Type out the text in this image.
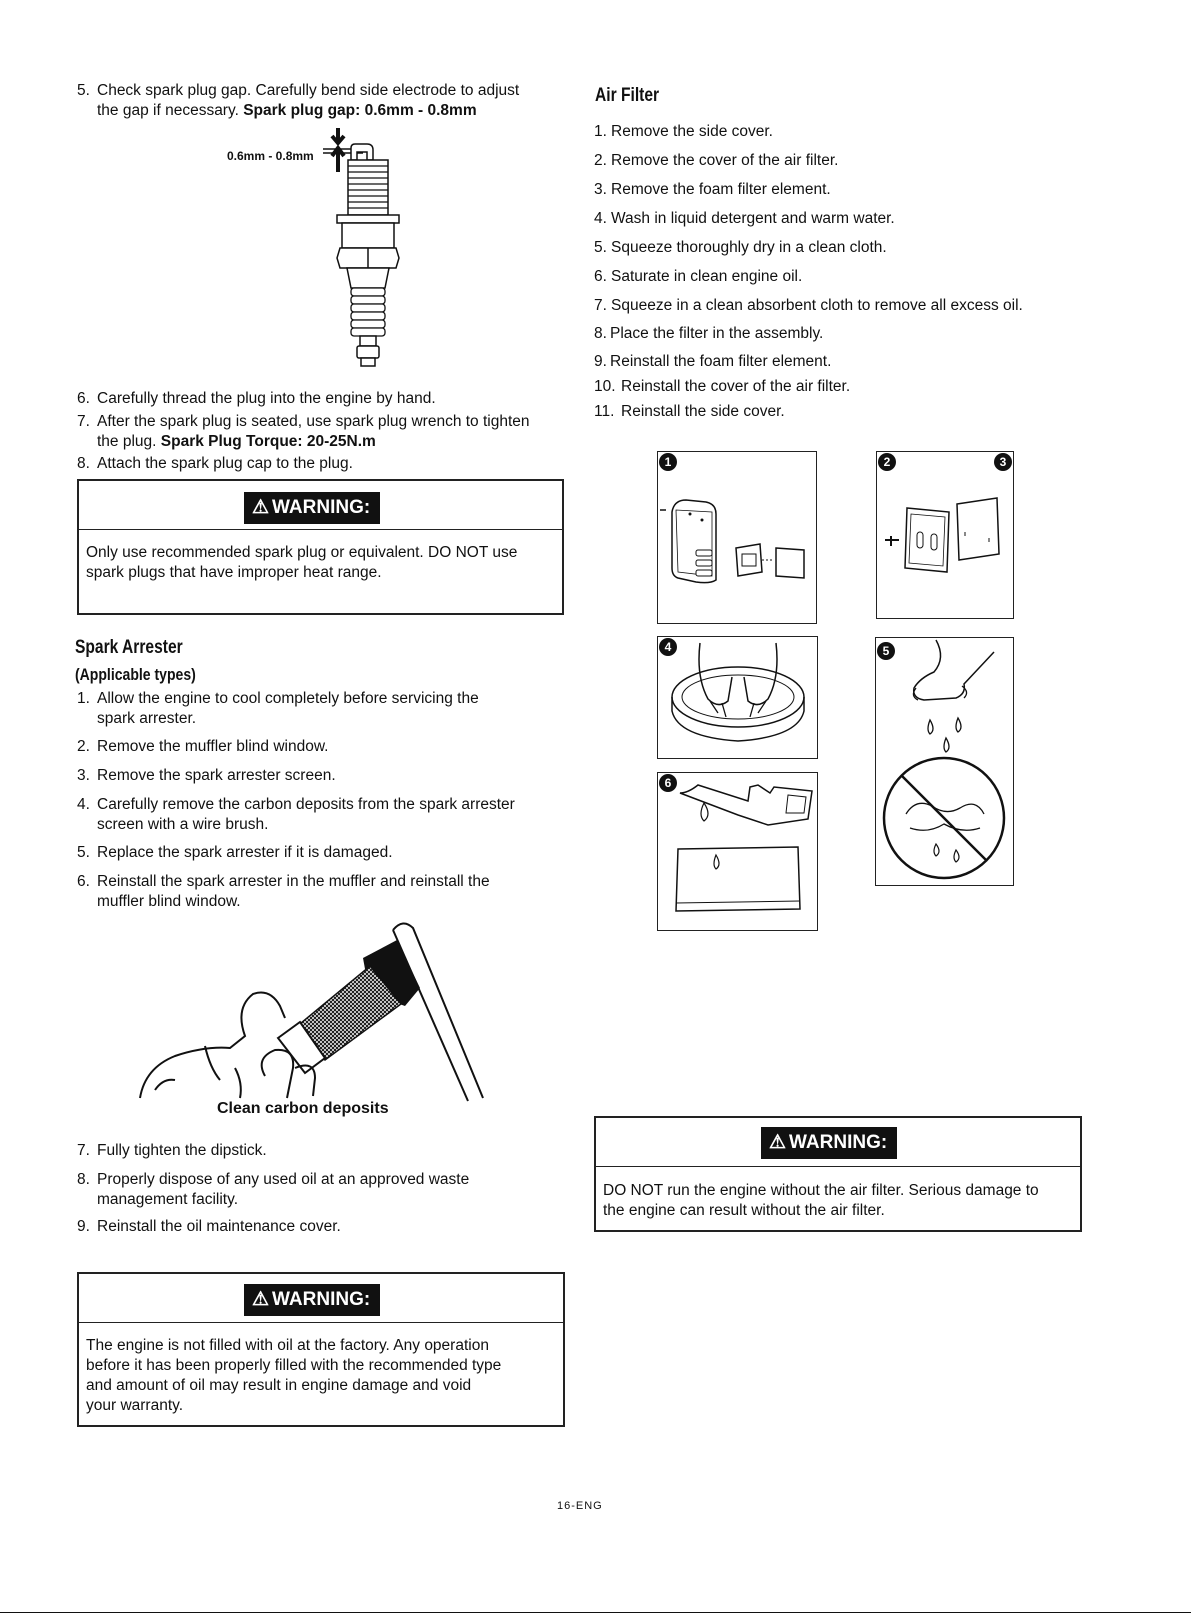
5. Check spark plug gap. Carefully bend side electrode to adjust
the gap if necessary. Spark plug gap: 0.6mm - 0.8mm
0.6mm - 0.8mm
6. Carefully thread the plug into the engine by hand.
7. After the spark plug is seated, use spark plug wrench to tighten
the plug. Spark Plug Torque: 20-25N.m
8. Attach the spark plug cap to the plug.
⚠ WARNING:
Only use recommended spark plug or equivalent. DO NOT use
spark plugs that have improper heat range.
Spark Arrester
(Applicable types)
1. Allow the engine to cool completely before servicing the
spark arrester.
2. Remove the muffler blind window.
3. Remove the spark arrester screen.
4. Carefully remove the carbon deposits from the spark arrester
screen with a wire brush.
5. Replace the spark arrester if it is damaged.
6. Reinstall the spark arrester in the muffler and reinstall the
muffler blind window.
Clean carbon deposits
7. Fully tighten the dipstick.
8. Properly dispose of any used oil at an approved waste
management facility.
9. Reinstall the oil maintenance cover.
⚠ WARNING:
The engine is not filled with oil at the factory. Any operation
before it has been properly filled with the recommended type
and amount of oil may result in engine damage and void
your warranty.
Air Filter
1. Remove the side cover.
2. Remove the cover of the air filter.
3. Remove the foam filter element.
4. Wash in liquid detergent and warm water.
5. Squeeze thoroughly dry in a clean cloth.
6. Saturate in clean engine oil.
7. Squeeze in a clean absorbent cloth to remove all excess oil.
8. Place the filter in the assembly.
9. Reinstall the foam filter element.
10. Reinstall the cover of the air filter.
11. Reinstall the side cover.
1	2	3
4	5
6
⚠ WARNING:
DO NOT run the engine without the air filter. Serious damage to
the engine can result without the air filter.
16-ENG
